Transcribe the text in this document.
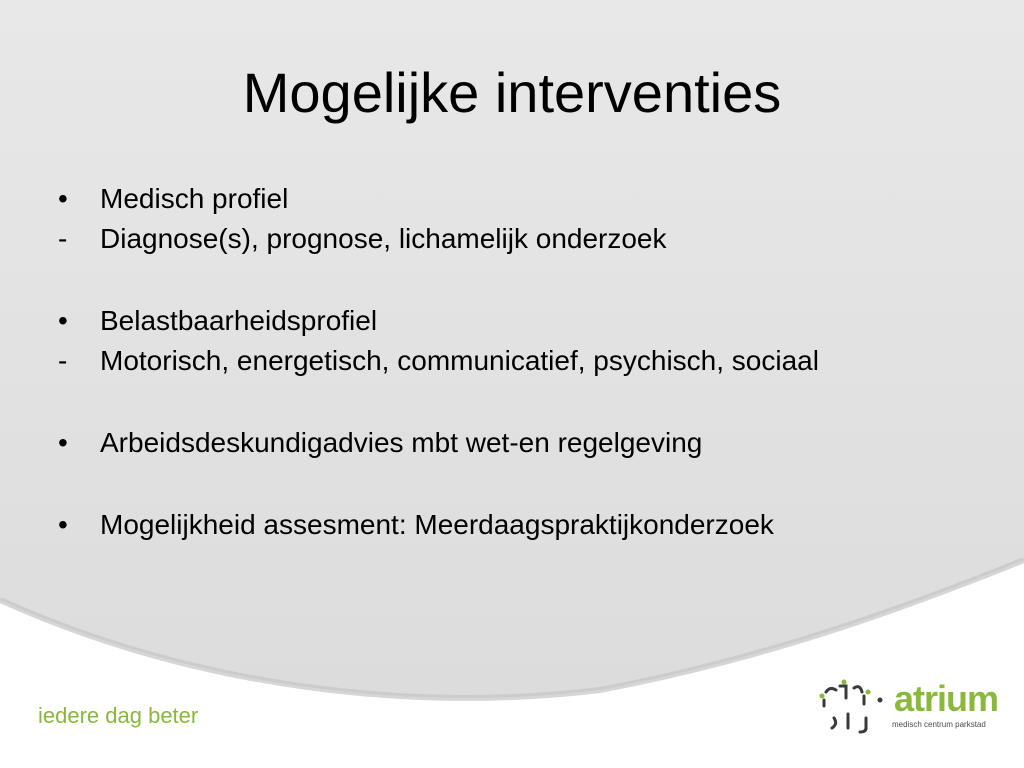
Mogelijke interventies
•	Medisch profiel
-	Diagnose(s), prognose, lichamelijk onderzoek
•	Belastbaarheidsprofiel
-	Motorisch, energetisch, communicatief, psychisch, sociaal
•	Arbeidsdeskundigadvies mbt wet-en regelgeving
•	Mogelijkheid assesment: Meerdaagspraktijkonderzoek
iedere dag beter	atrium
medisch centrum parkstad
